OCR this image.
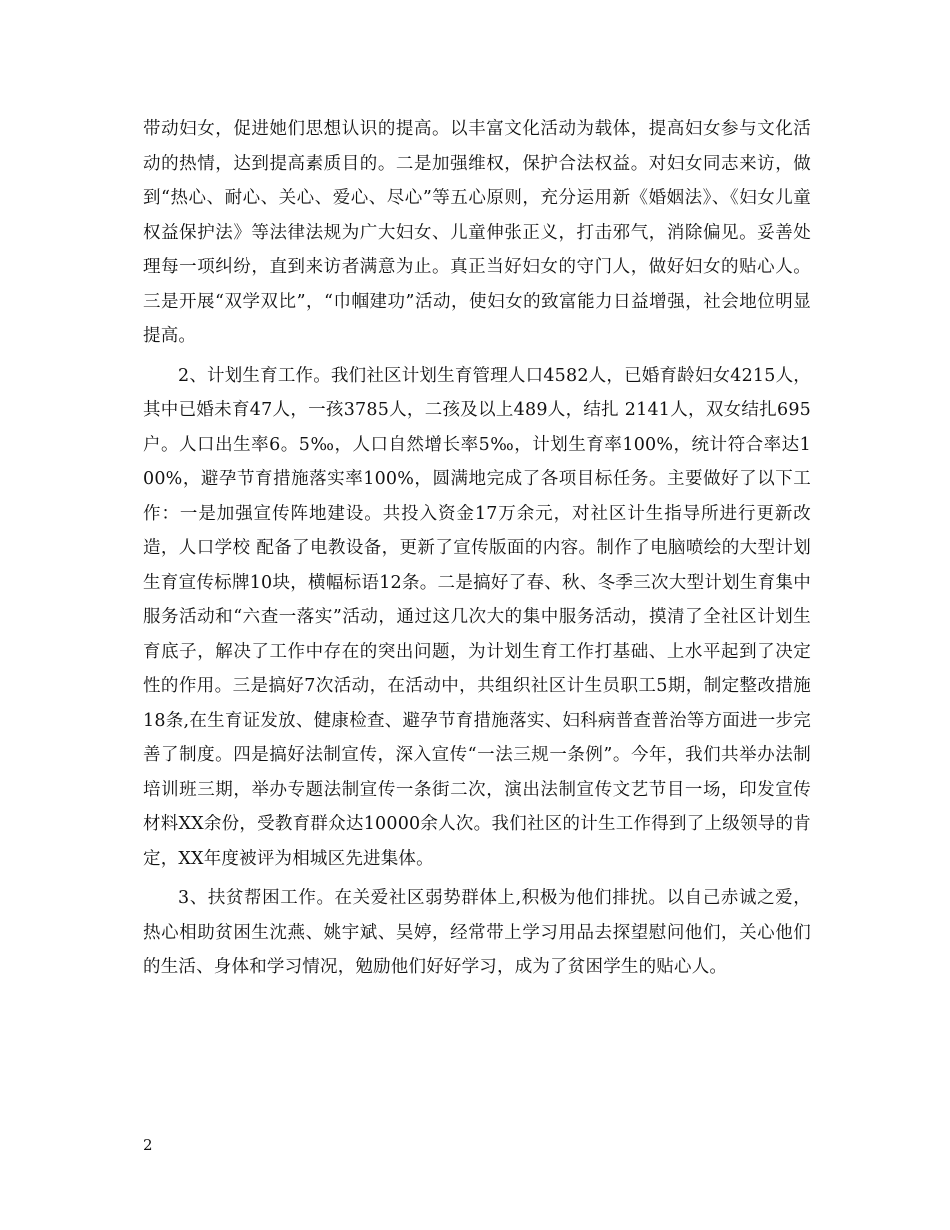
带动妇女，促进她们思想认识的提高。以丰富文化活动为载体，提高妇女参与文化活动的热情，达到提高素质目的。二是加强维权，保护合法权益。对妇女同志来访，做到“热心、耐心、关心、爱心、尽心”等五心原则，充分运用新《婚姻法》、《妇女儿童权益保护法》等法律法规为广大妇女、儿童伸张正义，打击邪气，消除偏见。妥善处理每一项纠纷，直到来访者满意为止。真正当好妇女的守门人，做好妇女的贴心人。三是开展“双学双比”，“巾帼建功”活动，使妇女的致富能力日益增强，社会地位明显提高。

2、计划生育工作。我们社区计划生育管理人口4582人，已婚育龄妇女4215人，其中已婚未育47人，一孩3785人，二孩及以上489人，结扎 2141人，双女结扎695户。人口出生率6。5‰，人口自然增长率5‰，计划生育率100%，统计符合率达100%，避孕节育措施落实率100%，圆满地完成了各项目标任务。主要做好了以下工作：一是加强宣传阵地建设。共投入资金17万余元，对社区计生指导所进行更新改造，人口学校 配备了电教设备，更新了宣传版面的内容。制作了电脑喷绘的大型计划生育宣传标牌10块，横幅标语12条。二是搞好了春、秋、冬季三次大型计划生育集中服务活动和“六查一落实”活动，通过这几次大的集中服务活动，摸清了全社区计划生育底子，解决了工作中存在的突出问题，为计划生育工作打基础、上水平起到了决定性的作用。三是搞好7次活动，在活动中，共组织社区计生员职工5期，制定整改措施18条,在生育证发放、健康检查、避孕节育措施落实、妇科病普查普治等方面进一步完善了制度。四是搞好法制宣传，深入宣传“一法三规一条例”。今年，我们共举办法制培训班三期，举办专题法制宣传一条街二次，演出法制宣传文艺节目一场，印发宣传材料XX余份，受教育群众达10000余人次。我们社区的计生工作得到了上级领导的肯定，XX年度被评为相城区先进集体。

3、扶贫帮困工作。在关爱社区弱势群体上,积极为他们排扰。以自己赤诚之爱，热心相助贫困生沈燕、姚宇斌、吴婷，经常带上学习用品去探望慰问他们，关心他们的生活、身体和学习情况，勉励他们好好学习，成为了贫困学生的贴心人。

2
